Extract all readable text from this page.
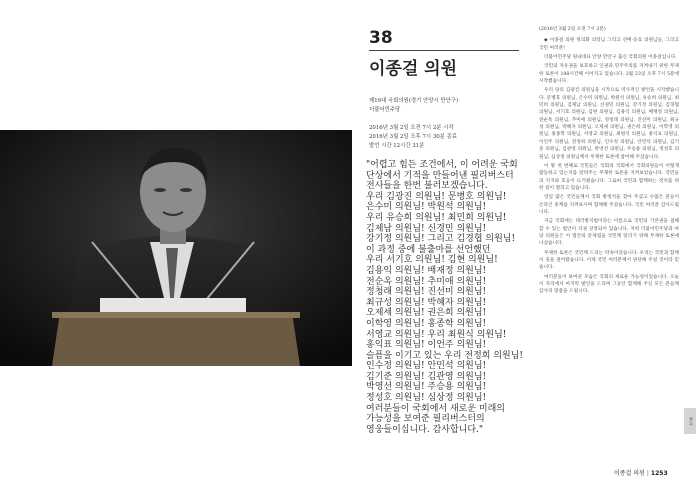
38
이종걸 의원
제19대 국회의원(경기 안양시 만안구)
더불어민주당
2016년 3월 2일 오전 7시 2분 시작
2016년 3월 2일 오후 7시 30분 종료
발언 시간 12시간 31분
"어렵고 힘든 조건에서, 이 어려운 국회
단상에서 기적을 만들어낸 필리버스터
전사들을 한번 불러보겠습니다.
우리 김광진 의원님! 문병호 의원님!
은수미 의원님! 박원석 의원님!
우리 유승희 의원님! 최민희 의원님!
김제남 의원님! 신경민 의원님!
강기정 의원님! 그리고 김경협 의원님!
이 과정 중에 불출마를 선언했던
우리 서기호 의원님! 김현 의원님!
김용익 의원님! 배재정 의원님!
전순옥 의원님! 추미애 의원님!
정청래 의원님! 진선미 의원님!
최규성 의원님! 박혜자 의원님!
오제세 의원님! 권은희 의원님!
이학영 의원님! 홍종학 의원님!
서영교 의원님! 우리 최원식 의원님!
홍익표 의원님! 이언주 의원님!
슬픔을 이기고 있는 우리 전정희 의원님!
인수정 의원님! 안민석 의원님!
김기준 의원님! 김관영 의원님!
박영선 의원님! 주승용 의원님!
정성호 의원님! 심상정 의원님!
여러분들이 국회에서 새로운 미래의
가능성을 보여준 필리버스터의
영웅들이십니다. 감사합니다."

(2016년 3월 2일 오전 7시 2분)

◆ 이종걸 의원 정의화 의장님 그리고 선배·동료 의원님들, 그리고 국민 여러분!

더불어민주당 원내대표 안양 만안구 출신 국회의원 이종걸입니다.

국민의 자유권을 보호하고 인권과 민주주의를 지켜내기 위한 무제한 토론이 188시간째 이어지고 있습니다. 2월 23일 오후 7시 5분에 시작했습니다.

우리 당의 김광진 의원님을 시작으로 역사적인 발언을 시작했습니다. 문병호 의원님, 은수미 의원님, 박원석 의원님, 유승희 의원님, 최민희 의원님, 김제남 의원님, 신경민 의원님, 강기정 의원님, 김경협 의원님, 서기호 의원님, 김현 의원님, 김용익 의원님, 배재정 의원님, 전순옥 의원님, 추미애 의원님, 정청래 의원님, 진선미 의원님, 최규성 의원님, 박혜자 의원님, 오제세 의원님, 권은희 의원님, 이학영 의원님, 홍종학 의원님, 서영교 의원님, 최원식 의원님, 홍익표 의원님, 이언주 의원님, 전정희 의원님, 인수정 의원님, 안민석 의원님, 김기준 의원님, 김관영 의원님, 박영선 의원님, 주승용 의원님, 정성호 의원님, 심상정 의원님께서 무제한 토론에 참여해 주셨습니다.

이 땅 첫 번째로 국민들은 국회의 국회에서 국회의원들이 어떻게 활동하고 있는지를 알려주는 무제한 토론을 지켜보았습니다. 국민들의 지지와 호응이 뜨거웠습니다. 그로써 국민과 함께하는 정치를 위한 길이 열리고 있습니다.

연일 많은 국민들께서 국회 방청석을 찾아 주셨고 수많은 분들이 온라인 중계를 지켜보시며 함께해 주셨습니다. 국민 여러분 감사드립니다.

지금 국회에는 테러방지법이라는 이름으로 국민의 기본권을 침해할 수 있는 법안이 직권 상정되어 있습니다. 저희 더불어민주당과 야당 의원들은 이 법안의 문제점을 국민께 알리기 위해 무제한 토론에 나섰습니다.

무제한 토론은 국민께 드리는 약속이었습니다. 우리는 국민과 함께 이 길을 걸어왔습니다. 이제 국민 여러분께서 판단해 주실 것이라 믿습니다.

여러분들이 보여준 모습은 국회의 새로운 가능성이었습니다. 오늘 이 자리에서 마지막 발언을 드리며 그동안 함께해 주신 모든 분들께 감사의 말씀을 드립니다.

부록
이종걸 의원 | 1253
